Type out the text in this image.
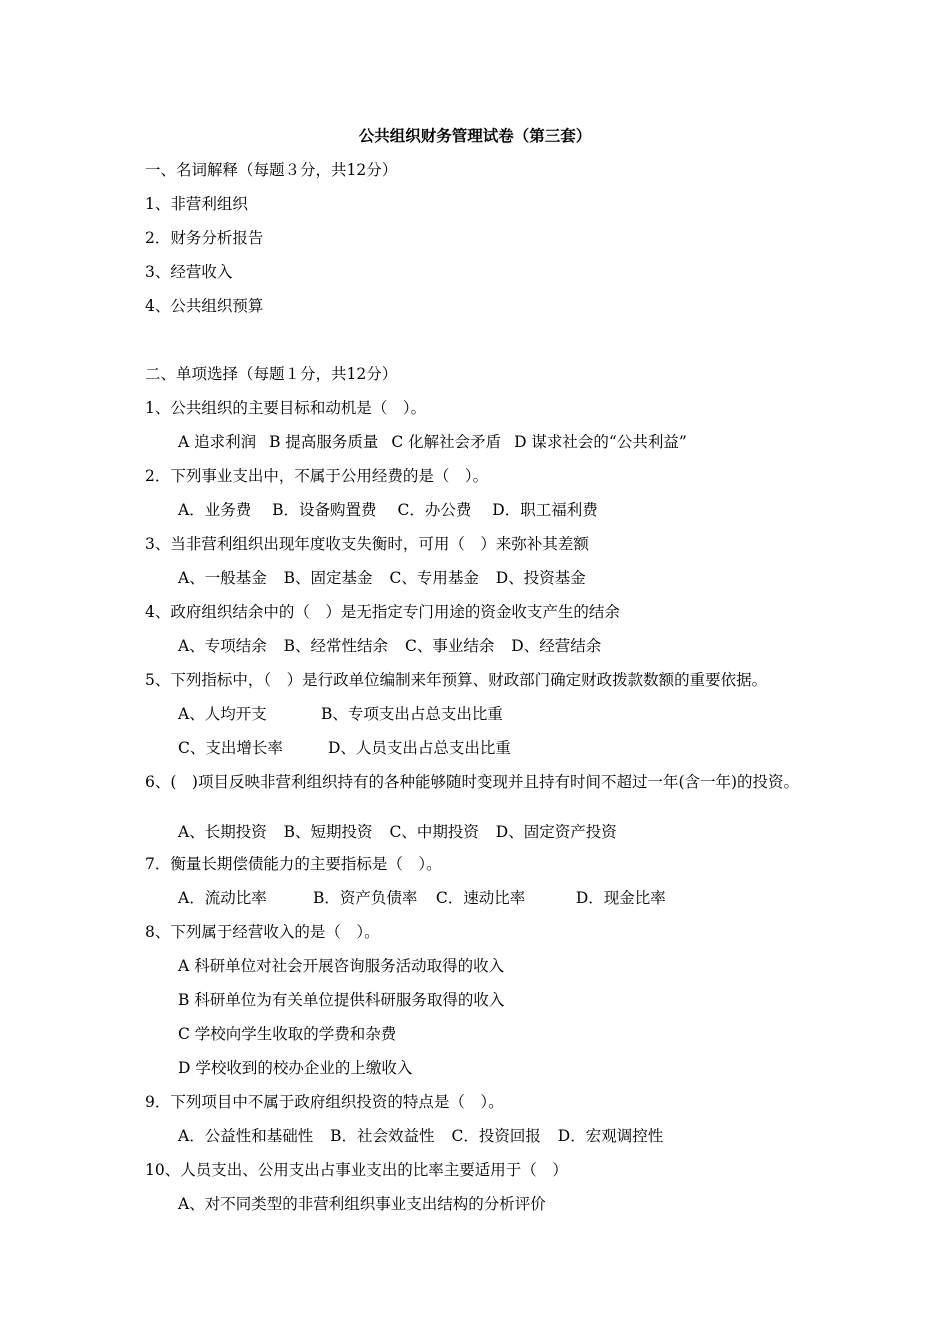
公共组织财务管理试卷（第三套）
一、名词解释（每题３分，共12分）
1、非营利组织
2．财务分析报告
3、经营收入
4、公共组织预算
二、单项选择（每题１分，共12分）
1、公共组织的主要目标和动机是（　）。
A 追求利润 B 提高服务质量 C 化解社会矛盾 D 谋求社会的“公共利益”
2．下列事业支出中，不属于公用经费的是（　）。
A．业务费 B．设备购置费 C．办公费 D．职工福利费
3、当非营利组织出现年度收支失衡时，可用（　）来弥补其差额
A、一般基金 B、固定基金 C、专用基金 D、投资基金
4、政府组织结余中的（　）是无指定专门用途的资金收支产生的结余
A、专项结余 B、经常性结余 C、事业结余 D、经营结余
5、下列指标中，（　）是行政单位编制来年预算、财政部门确定财政拨款数额的重要依据。
A、人均开支	B、专项支出占总支出比重
C、支出增长率	D、人员支出占总支出比重
6、(　)项目反映非营利组织持有的各种能够随时变现并且持有时间不超过一年(含一年)的投资。
A、长期投资 B、短期投资 C、中期投资 D、固定资产投资
7．衡量长期偿债能力的主要指标是（　）。
A．流动比率	B．资产负债率 C．速动比率	D．现金比率
8、下列属于经营收入的是（　）。
A 科研单位对社会开展咨询服务活动取得的收入
B 科研单位为有关单位提供科研服务取得的收入
C 学校向学生收取的学费和杂费
D 学校收到的校办企业的上缴收入
9．下列项目中不属于政府组织投资的特点是（　）。
A．公益性和基础性 B．社会效益性 C．投资回报 D．宏观调控性
10、人员支出、公用支出占事业支出的比率主要适用于（　）
A、对不同类型的非营利组织事业支出结构的分析评价
